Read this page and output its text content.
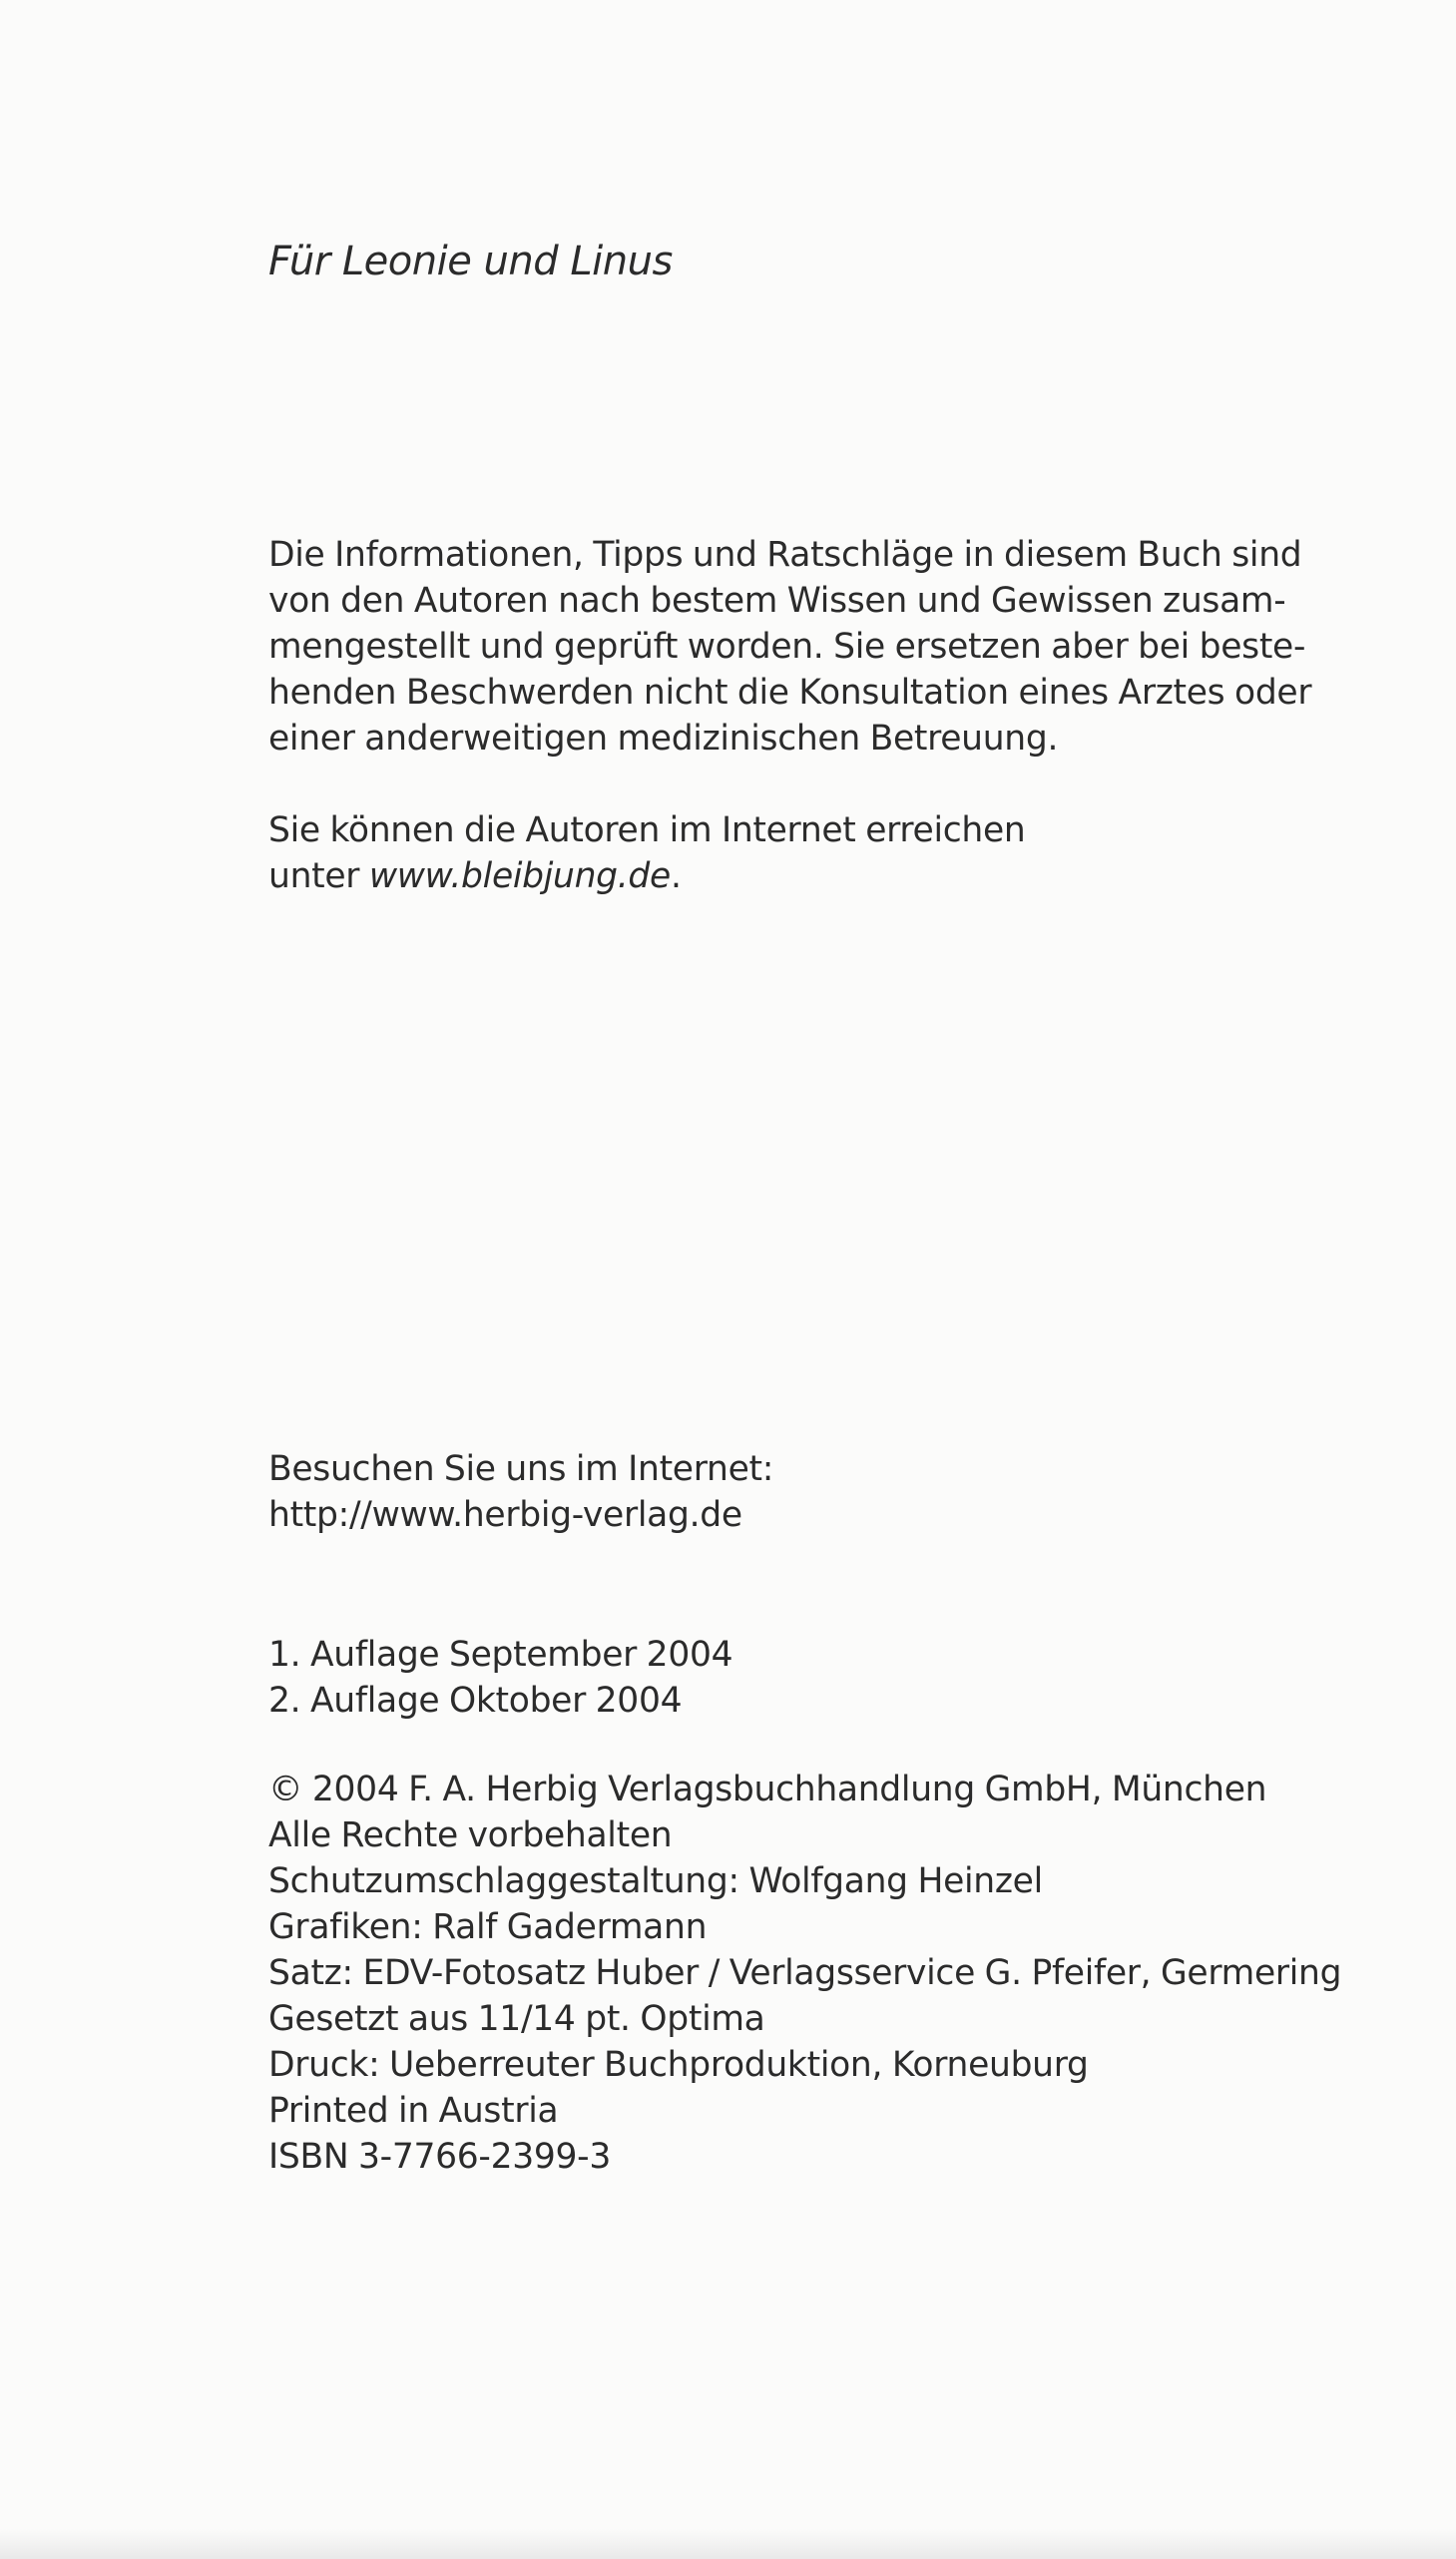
Für Leonie und Linus
Die Informationen, Tipps und Ratschläge in diesem Buch sind
von den Autoren nach bestem Wissen und Gewissen zusam-
mengestellt und geprüft worden. Sie ersetzen aber bei beste-
henden Beschwerden nicht die Konsultation eines Arztes oder
einer anderweitigen medizinischen Betreuung.
Sie können die Autoren im Internet erreichen
unter www.bleibjung.de.
Besuchen Sie uns im Internet:
http://www.herbig-verlag.de
1. Auflage September 2004
2. Auflage Oktober 2004
© 2004 F. A. Herbig Verlagsbuchhandlung GmbH, München
Alle Rechte vorbehalten
Schutzumschlaggestaltung: Wolfgang Heinzel
Grafiken: Ralf Gadermann
Satz: EDV-Fotosatz Huber / Verlagsservice G. Pfeifer, Germering
Gesetzt aus 11/14 pt. Optima
Druck: Ueberreuter Buchproduktion, Korneuburg
Printed in Austria
ISBN 3-7766-2399-3
